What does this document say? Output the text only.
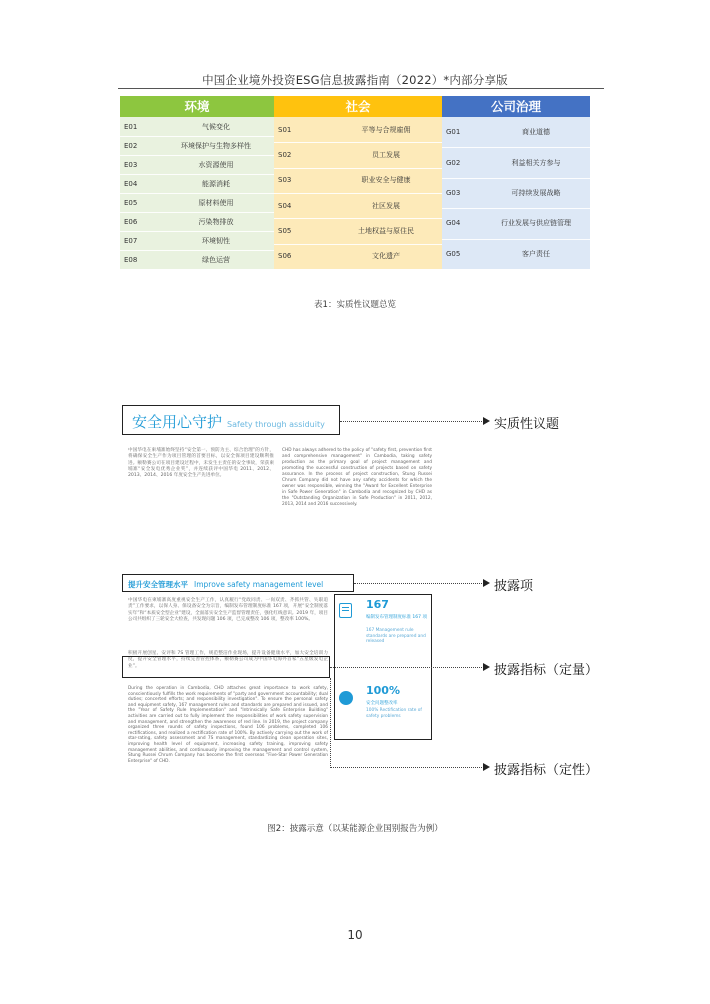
中国企业境外投资ESG信息披露指南（2022）*内部分享版
环境
E01	气候变化
E02	环境保护与生物多样性
E03	水资源使用
E04	能源消耗
E05	原材料使用
E06	污染物排放
E07	环境韧性
E08	绿色运营
社会
S01	平等与合规雇佣
S02	员工发展
S03	职业安全与健康
S04	社区发展
S05	土地权益与原住民
S06	文化遗产
公司治理
G01	商业道德
G02	利益相关方参与
G03	可持续发展战略
G04	行业发展与供应链管理
G05	客户责任
表1：实质性议题总览
安全用心守护 Safety through assiduity	实质性议题
中国华电在柬埔寨始终坚持“安全第一、预防为主、综合治理”的方针，将确保安全生产作为项目管理的首要目标，以安全保项目建设顺利推进。额勒赛公司在项目建设过程中，未发生主责任的安全事故，荣获柬埔寨“安全发电优秀企业奖”，并连续获评中国华电 2011、2012、2013、2014、2016 年度安全生产先进单位。
CHD has always adhered to the policy of "safety first, prevention first and comprehensive management" in Cambodia, taking safety production as the primary goal of project management and promoting the successful construction of projects based on safety assurance. In the process of project construction, Stung Russei Chrum Company did not have any safety accidents for which the owner was responsible, winning the "Award for Excellent Enterprise in Safe Power Generation" in Cambodia and recognized by CHD as the "Outstanding Organization in Safe Production" in 2011, 2012, 2013, 2014 and 2016 successively.
提升安全管理水平 Improve safety management level	披露项
中国华电在柬埔寨高度重视安全生产工作，认真履行“党政同责、一岗双责、齐抓共管、失职追责”工作要求，以保人身、保设备安全为宗旨，编制发布管理制度标准 167 项，开展“安全制度落实年”和“本质安全型企业”建设，全面落实安全生产监督管理责任，强化红线意识。2019 年，项目公司共组织了三轮安全大检查，共发现问题 106 项，已完成整改 106 项，整改率 100%。
积极开展创星、安评和 7S 管理工作，规范整洁作业现场，提升设备健康水平，加大安全培训力度，提升安全管理水平，持续完善管控体系，额勒赛公司成为中国华电海外首家“五星级发电企业”。
During the operation in Cambodia, CHD attaches great importance to work safety, conscientiously fulfills the work requirements of "party and government accountability; dual duties; concerted efforts; and responsibility investigation". To ensure the personal safety and equipment safety, 167 management rules and standards are prepared and issued, and the "Year of Safety Rule Implementation" and "Intrinsically Safe Enterprise Building" activities are carried out to fully implement the responsibilities of work safety supervision and management, and strengthen the awareness of red line. In 2019, the project company organized three rounds of safety inspections, found 106 problems, completed 106 rectifications, and realized a rectification rate of 100%. By actively carrying out the work of star-rating, safety assessment and 7S management, standardizing clean operation sites, improving health level of equipment, increasing safety training, improving safety management abilities, and continuously improving the management and control system, Stung Russei Chrum Company has become the first overseas "Five-Star Power Generation Enterprise" of CHD.
167
编制发布管理制度标准 167 项
167 Management rule standards are prepared and released
100%
安全问题整改率
100% Rectification rate of safety problems
披露指标（定量）
披露指标（定性）
图2：披露示意（以某能源企业国别报告为例）
10
